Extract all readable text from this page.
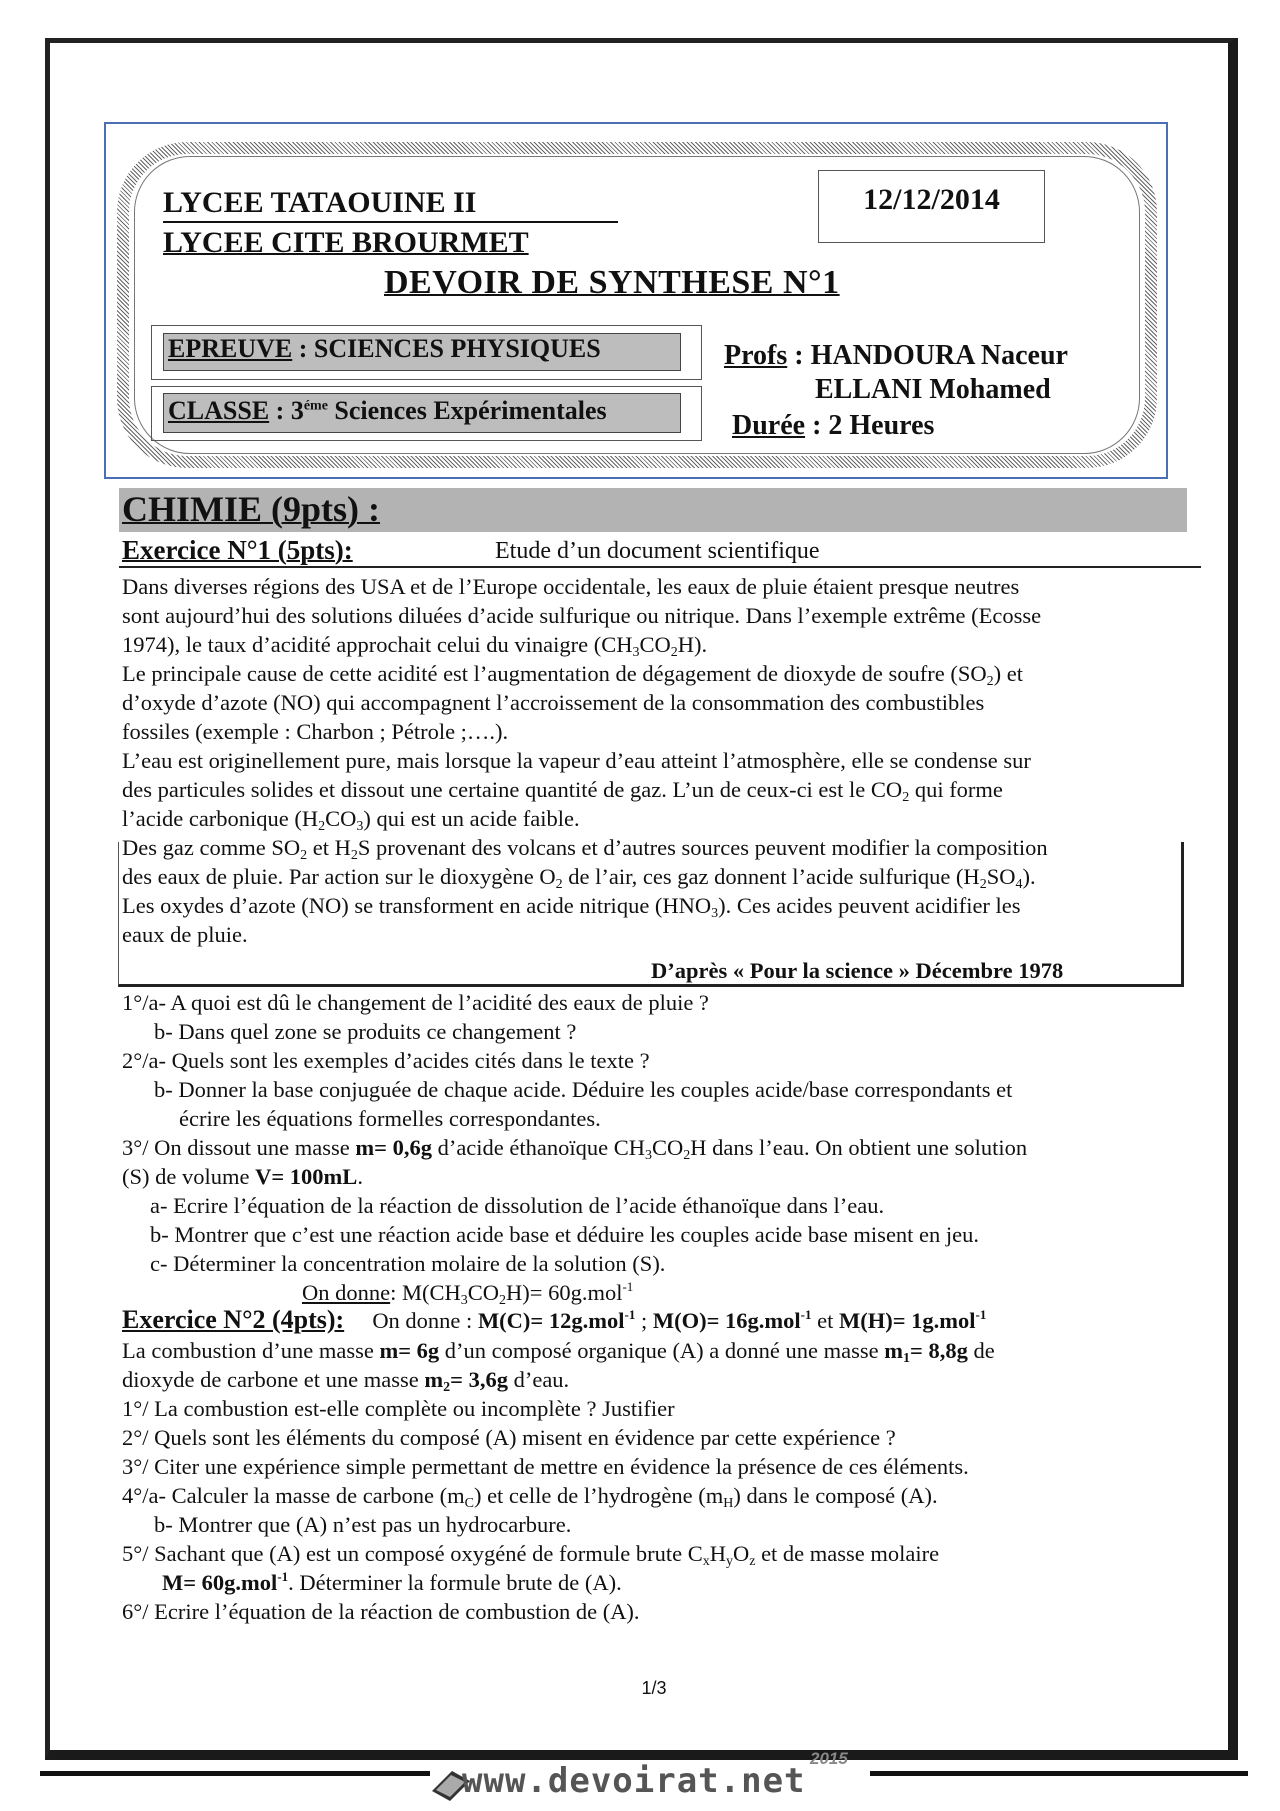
LYCEE TATAOUINE II
LYCEE CITE BROURMET
12/12/2014
DEVOIR DE SYNTHESE N°1
EPREUVE : SCIENCES PHYSIQUES
CLASSE : $3^{éme}$ Sciences Expérimentales
Profs : HANDOURA Naceur
ELLANI Mohamed
Durée : 2 Heures
CHIMIE (9pts) :
Exercice N°1 (5pts):	Etude d’un document scientifique
D’après « Pour la science » Décembre 1978
Dans diverses régions des USA et de l’Europe occidentale, les eaux de pluie étaient presque neutres
sont aujourd’hui des solutions diluées d’acide sulfurique ou nitrique. Dans l’exemple extrême (Ecosse
1974), le taux d’acidité approchait celui du vinaigre $(CH_3CO_2H)$.
Le principale cause de cette acidité est l’augmentation de dégagement de dioxyde de soufre $(SO_2)$ et
d’oxyde d’azote (NO) qui accompagnent l’accroissement de la consommation des combustibles
fossiles (exemple : Charbon ; Pétrole ;….).
L’eau est originellement pure, mais lorsque la vapeur d’eau atteint l’atmosphère, elle se condense sur
des particules solides et dissout une certaine quantité de gaz. L’un de ceux-ci est le $CO_2$ qui forme
l’acide carbonique $(H_2CO_3)$ qui est un acide faible.
Des gaz comme $SO_2$ et $H_2S$ provenant des volcans et d’autres sources peuvent modifier la composition
des eaux de pluie. Par action sur le dioxygène $O_2$ de l’air, ces gaz donnent l’acide sulfurique $(H_2SO_4)$.
Les oxydes d’azote (NO) se transforment en acide nitrique $(HNO_3)$. Ces acides peuvent acidifier les
eaux de pluie.
1°/a- A quoi est dû le changement de l’acidité des eaux de pluie ?
b- Dans quel zone se produits ce changement ?
2°/a- Quels sont les exemples d’acides cités dans le texte ?
b- Donner la base conjuguée de chaque acide. Déduire les couples acide/base correspondants et
écrire les équations formelles correspondantes.
3°/ On dissout une masse m= 0,6g d’acide éthanoïque $CH_3CO_2H$ dans l’eau. On obtient une solution
(S) de volume V= 100mL.
a- Ecrire l’équation de la réaction de dissolution de l’acide éthanoïque dans l’eau.
b- Montrer que c’est une réaction acide base et déduire les couples acide base misent en jeu.
c- Déterminer la concentration molaire de la solution (S).
On donne: $M(CH_3CO_2H)= 60g.mol^{-1}$
Exercice N°2 (4pts):     On donne : M(C)= 12g.mol$^{-1}$ ; M(O)= 16g.mol$^{-1}$ et M(H)= 1g.mol$^{-1}$
La combustion d’une masse m= 6g d’un composé organique (A) a donné une masse $m_1= 8,8g$ de
dioxyde de carbone et une masse $m_2= 3,6g$ d’eau.
1°/ La combustion est-elle complète ou incomplète ? Justifier
2°/ Quels sont les éléments du composé (A) misent en évidence par cette expérience ?
3°/ Citer une expérience simple permettant de mettre en évidence la présence de ces éléments.
4°/a- Calculer la masse de carbone $(m_C)$ et celle de l’hydrogène $(m_H)$ dans le composé (A).
b- Montrer que (A) n’est pas un hydrocarbure.
5°/ Sachant que (A) est un composé oxygéné de formule brute $C_xH_yO_z$ et de masse molaire
M= 60g.mol$^{-1}$. Déterminer la formule brute de (A).
6°/ Ecrire l’équation de la réaction de combustion de (A).
1/3
www.devoirat.net
2015
